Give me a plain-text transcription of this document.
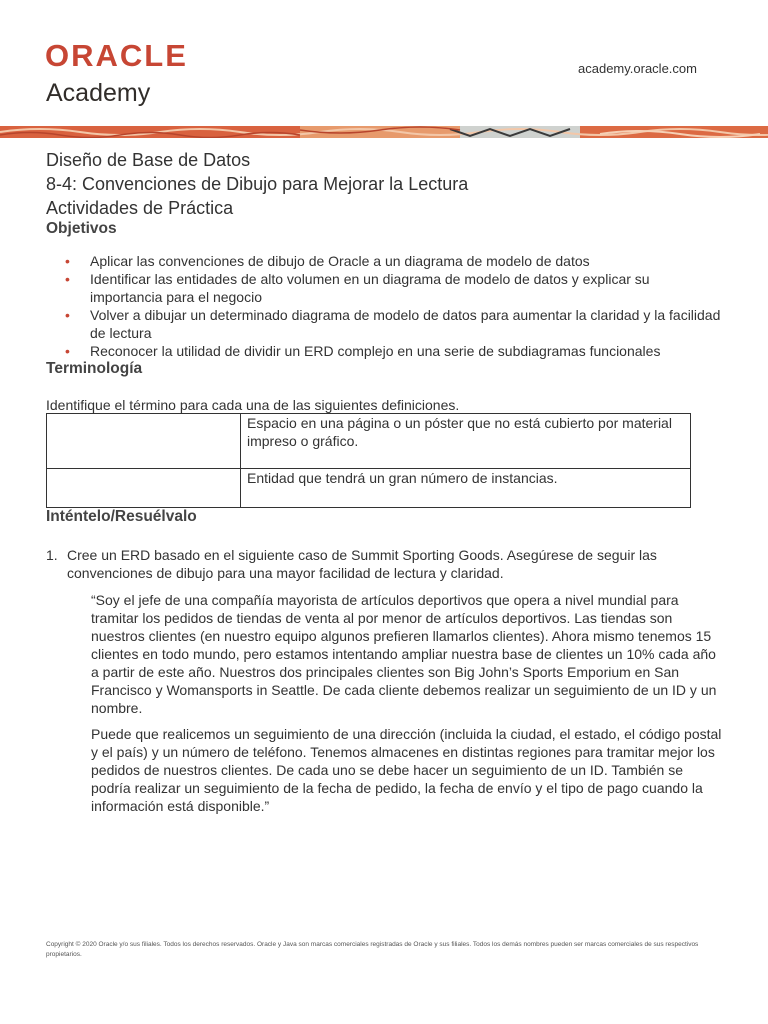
ORACLE
Academy
academy.oracle.com

Diseño de Base de Datos

8-4: Convenciones de Dibujo para Mejorar la Lectura

Actividades de Práctica

Objetivos
• Aplicar las convenciones de dibujo de Oracle a un diagrama de modelo de datos
• Identificar las entidades de alto volumen en un diagrama de modelo de datos y explicar su importancia para el negocio
• Volver a dibujar un determinado diagrama de modelo de datos para aumentar la claridad y la facilidad de lectura
• Reconocer la utilidad de dividir un ERD complejo en una serie de subdiagramas funcionales
Terminología
Identifique el término para cada una de las siguientes definiciones.
	Espacio en una página o un póster que no está cubierto por material impreso o gráfico.
	Entidad que tendrá un gran número de instancias.
Inténtelo/Resuélvalo
1. Cree un ERD basado en el siguiente caso de Summit Sporting Goods. Asegúrese de seguir las convenciones de dibujo para una mayor facilidad de lectura y claridad.

“Soy el jefe de una compañía mayorista de artículos deportivos que opera a nivel mundial para tramitar los pedidos de tiendas de venta al por menor de artículos deportivos. Las tiendas son nuestros clientes (en nuestro equipo algunos prefieren llamarlos clientes). Ahora mismo tenemos 15 clientes en todo mundo, pero estamos intentando ampliar nuestra base de clientes un 10% cada año a partir de este año. Nuestros dos principales clientes son Big John’s Sports Emporium en San Francisco y Womansports in Seattle. De cada cliente debemos realizar un seguimiento de un ID y un nombre.

Puede que realicemos un seguimiento de una dirección (incluida la ciudad, el estado, el código postal y el país) y un número de teléfono. Tenemos almacenes en distintas regiones para tramitar mejor los pedidos de nuestros clientes. De cada uno se debe hacer un seguimiento de un ID. También se podría realizar un seguimiento de la fecha de pedido, la fecha de envío y el tipo de pago cuando la información está disponible.”

Copyright © 2020 Oracle y/o sus filiales. Todos los derechos reservados. Oracle y Java son marcas comerciales registradas de Oracle y sus filiales. Todos los demás nombres pueden ser marcas comerciales de sus respectivos propietarios.
